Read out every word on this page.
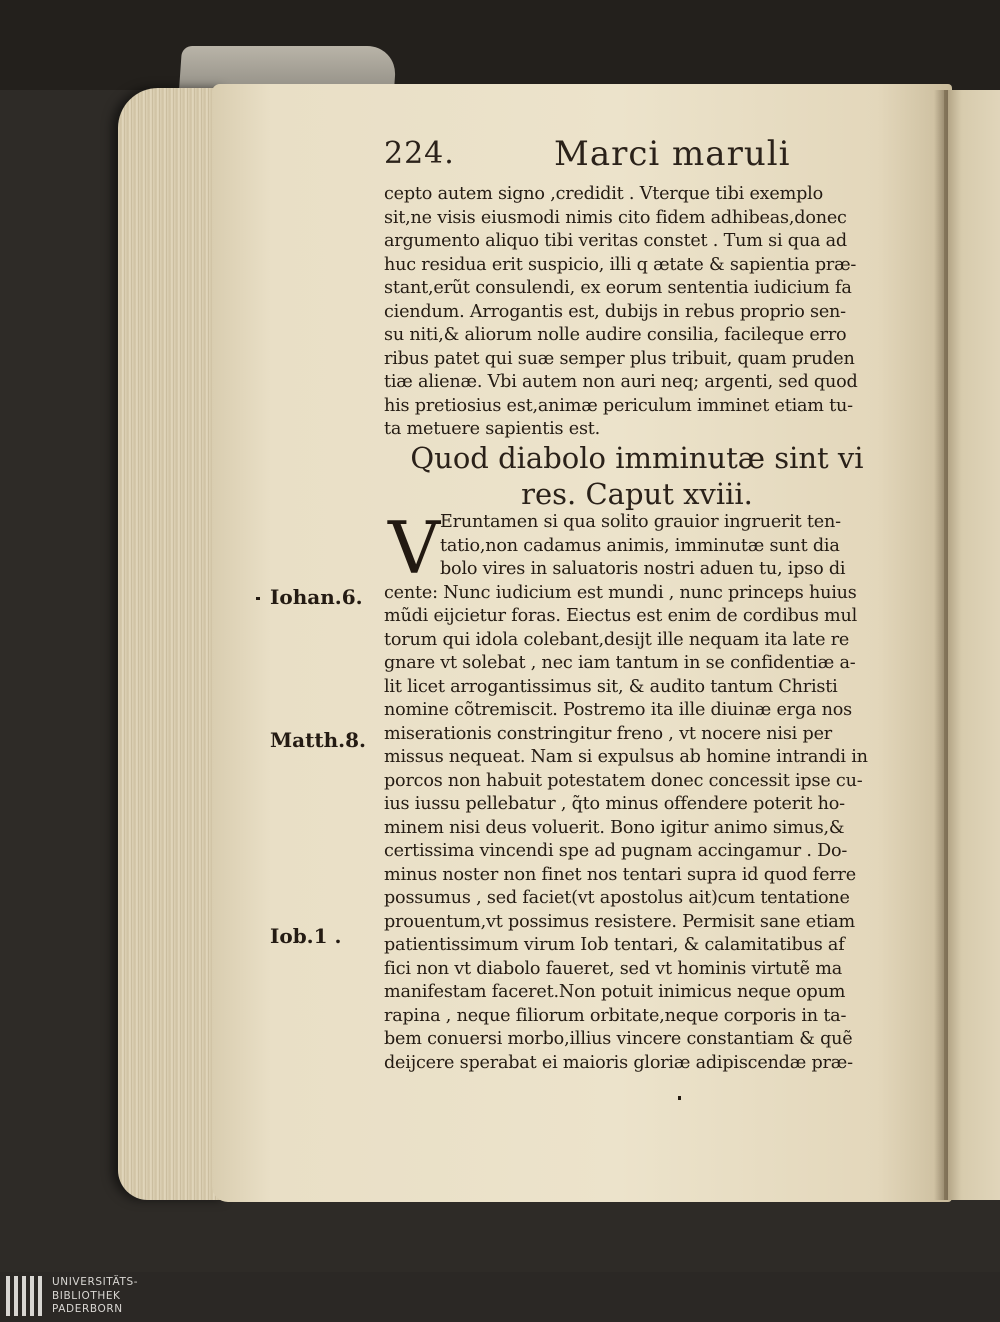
224.	Marci maruli
cepto autem signo ,credidit . Vterque tibi exemplo
sit,ne visis eiusmodi nimis cito fidem adhibeas,donec
argumento aliquo tibi veritas constet . Tum si qua ad
huc residua erit suspicio, illi q ætate & sapientia præ-
stant,erũt consulendi, ex eorum sententia iudicium fa
ciendum. Arrogantis est, dubijs in rebus proprio sen-
su niti,& aliorum nolle audire consilia, facileque erro
ribus patet qui suæ semper plus tribuit, quam pruden
tiæ alienæ. Vbi autem non auri neq; argenti, sed quod
his pretiosius est,animæ periculum imminet etiam tu-
ta metuere sapientis est.
Quod diabolo imminutæ sint vi
res. Caput xviii.
V Eruntamen si qua solito grauior ingruerit ten-
tatio,non cadamus animis, imminutæ sunt dia
bolo vires in saluatoris nostri aduen tu, ipso di
cente: Nunc iudicium est mundi , nunc princeps huius
mũdi eijcietur foras. Eiectus est enim de cordibus mul
torum qui idola colebant,desijt ille nequam ita late re
gnare vt solebat , nec iam tantum in se confidentiæ a-
lit licet arrogantissimus sit, & audito tantum Christi
nomine cõtremiscit. Postremo ita ille diuinæ erga nos
miserationis constringitur freno , vt nocere nisi per
missus nequeat. Nam si expulsus ab homine intrandi in
porcos non habuit potestatem donec concessit ipse cu-
ius iussu pellebatur , q̃to minus offendere poterit ho-
minem nisi deus voluerit. Bono igitur animo simus,&
certissima vincendi spe ad pugnam accingamur . Do-
minus noster non finet nos tentari supra id quod ferre
possumus , sed faciet(vt apostolus ait)cum tentatione
prouentum,vt possimus resistere. Permisit sane etiam
patientissimum virum Iob tentari, & calamitatibus af
fici non vt diabolo faueret, sed vt hominis virtutẽ ma
manifestam faceret.Non potuit inimicus neque opum
rapina , neque filiorum orbitate,neque corporis in ta-
bem conuersi morbo,illius vincere constantiam & quẽ
deijcere sperabat ei maioris gloriæ adipiscendæ præ-
Iohan.6.
Matth.8.
Iob.1 .
UNIVERSITÄTS-
BIBLIOTHEK
PADERBORN
